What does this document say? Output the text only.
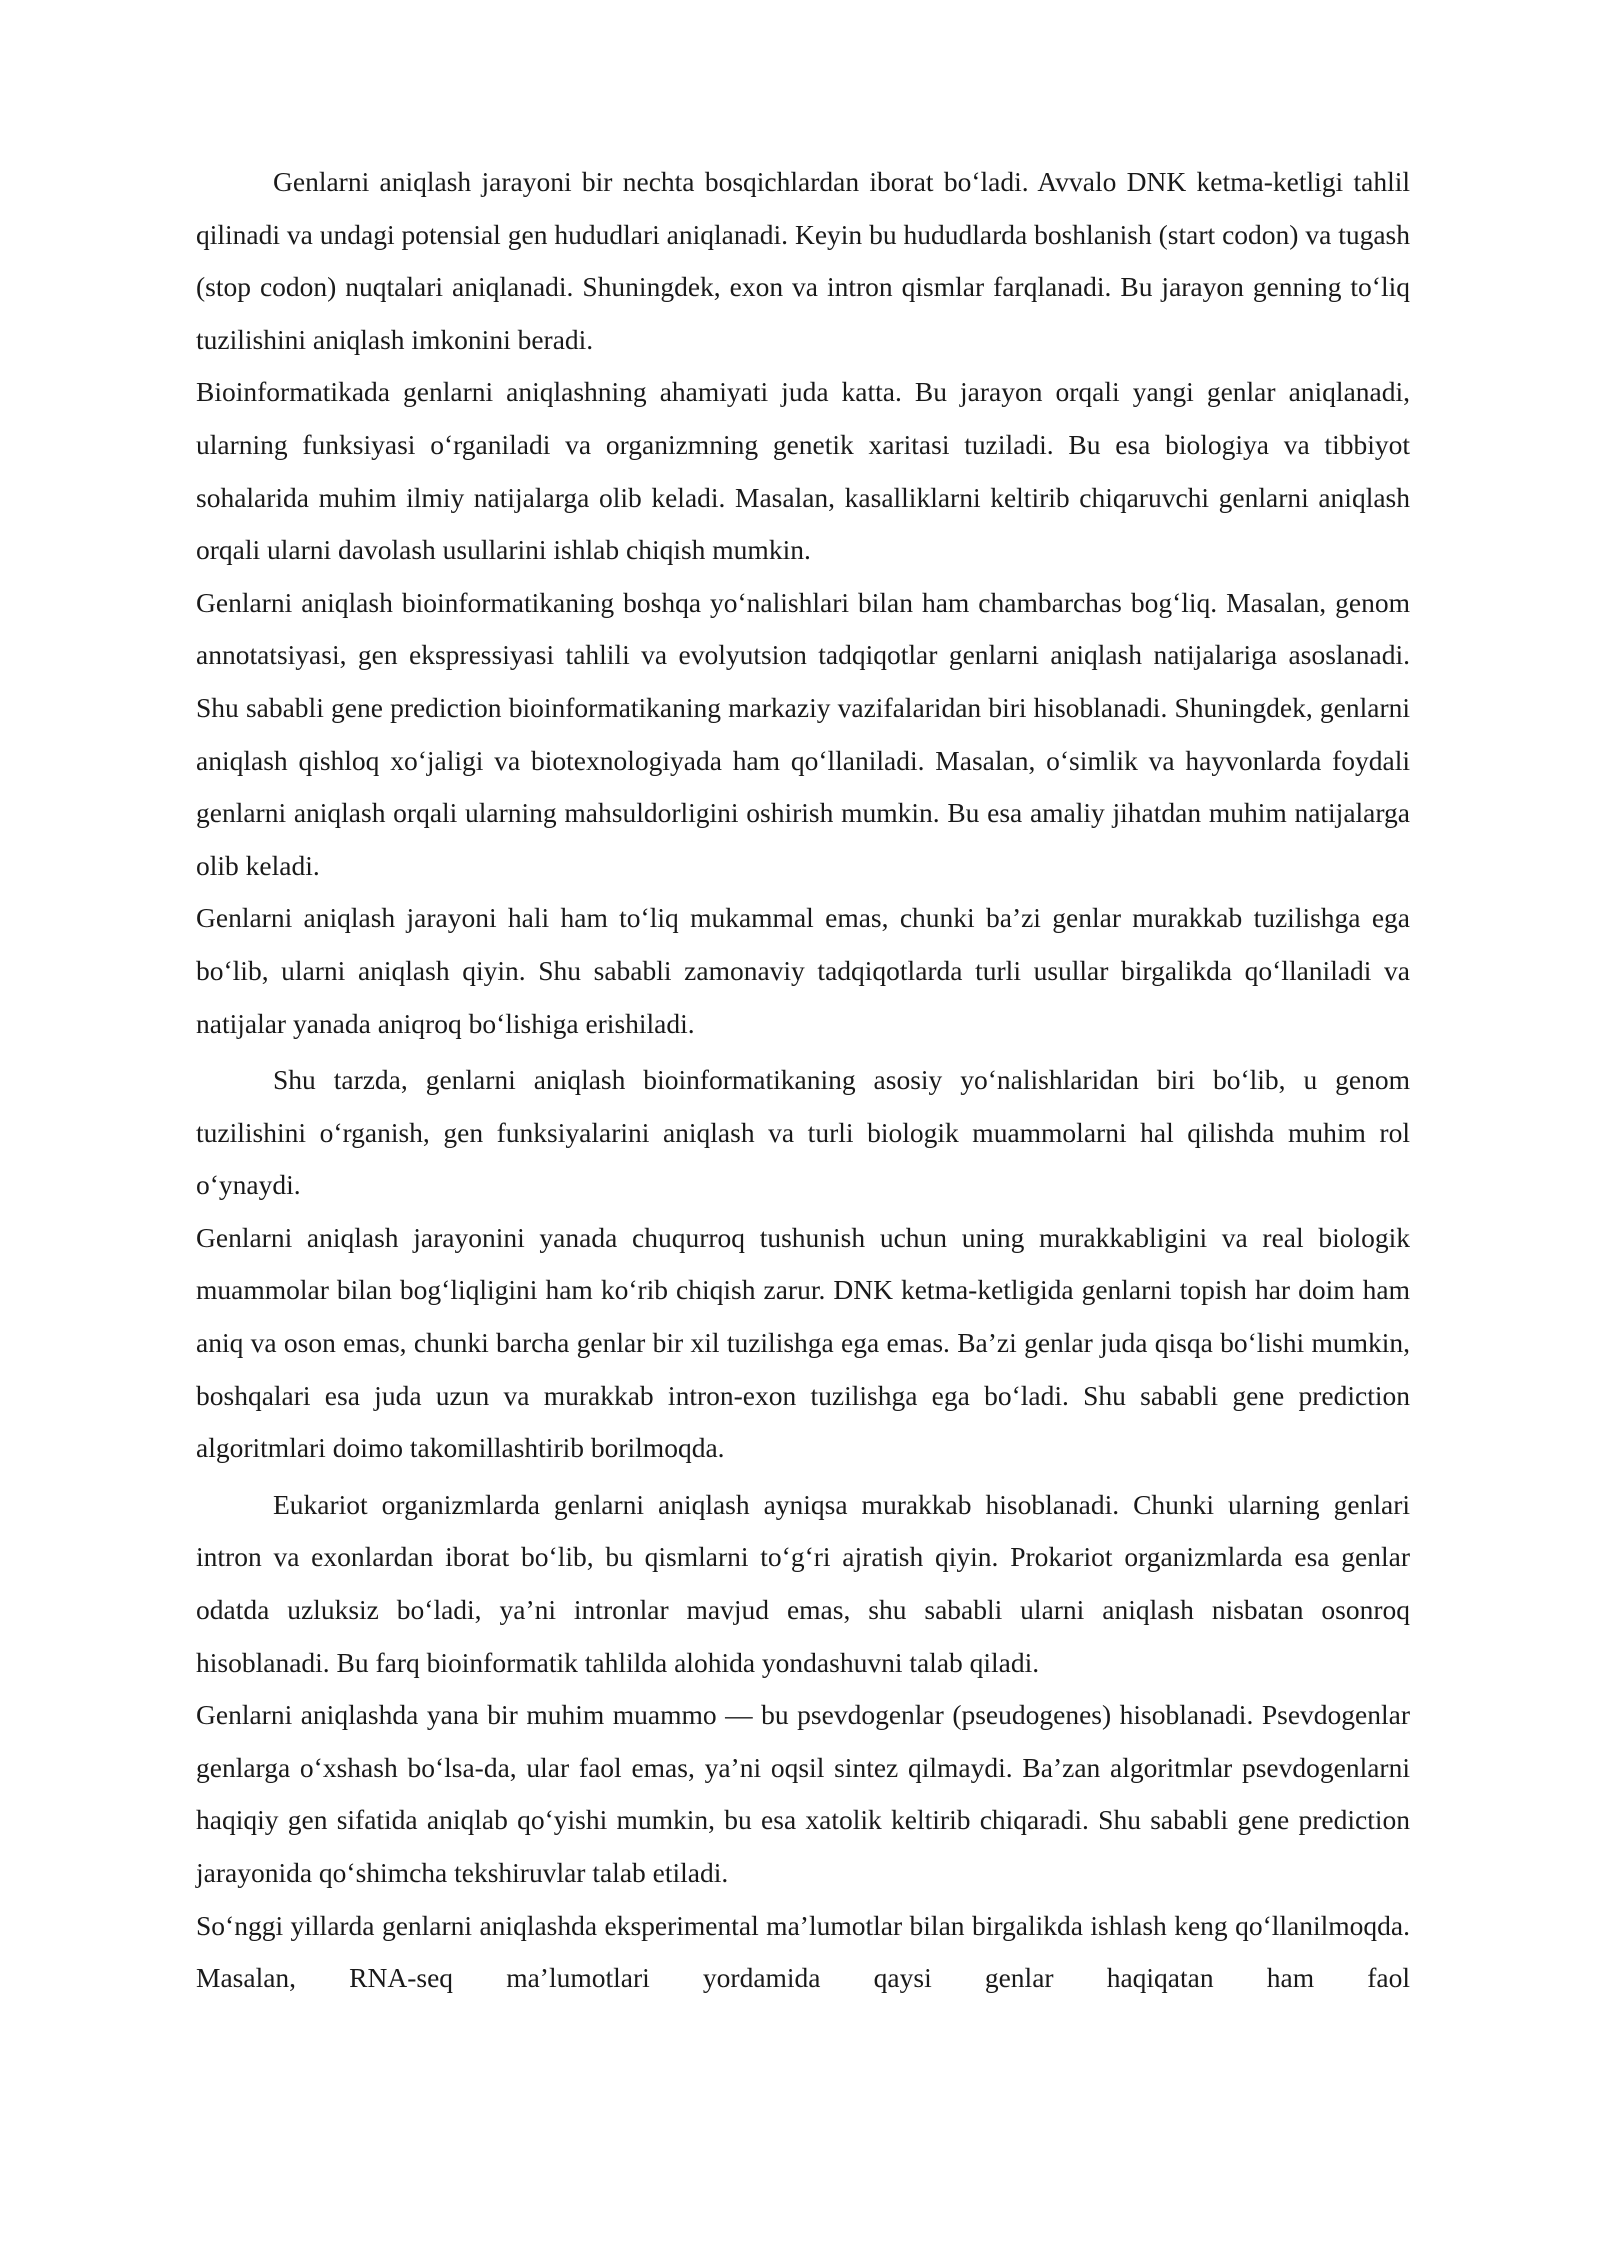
Genlarni aniqlash jarayoni bir nechta bosqichlardan iborat bo‘ladi. Avvalo DNK ketma-ketligi tahlil qilinadi va undagi potensial gen hududlari aniqlanadi. Keyin bu hududlarda boshlanish (start codon) va tugash (stop codon) nuqtalari aniqlanadi. Shuningdek, exon va intron qismlar farqlanadi. Bu jarayon genning to‘liq tuzilishini aniqlash imkonini beradi.

Bioinformatikada genlarni aniqlashning ahamiyati juda katta. Bu jarayon orqali yangi genlar aniqlanadi, ularning funksiyasi o‘rganiladi va organizmning genetik xaritasi tuziladi. Bu esa biologiya va tibbiyot sohalarida muhim ilmiy natijalarga olib keladi. Masalan, kasalliklarni keltirib chiqaruvchi genlarni aniqlash orqali ularni davolash usullarini ishlab chiqish mumkin.

Genlarni aniqlash bioinformatikaning boshqa yo‘nalishlari bilan ham chambarchas bog‘liq. Masalan, genom annotatsiyasi, gen ekspressiyasi tahlili va evolyutsion tadqiqotlar genlarni aniqlash natijalariga asoslanadi. Shu sababli gene prediction bioinformatikaning markaziy vazifalaridan biri hisoblanadi. Shuningdek, genlarni aniqlash qishloq xo‘jaligi va biotexnologiyada ham qo‘llaniladi. Masalan, o‘simlik va hayvonlarda foydali genlarni aniqlash orqali ularning mahsuldorligini oshirish mumkin. Bu esa amaliy jihatdan muhim natijalarga olib keladi.

Genlarni aniqlash jarayoni hali ham to‘liq mukammal emas, chunki ba’zi genlar murakkab tuzilishga ega bo‘lib, ularni aniqlash qiyin. Shu sababli zamonaviy tadqiqotlarda turli usullar birgalikda qo‘llaniladi va natijalar yanada aniqroq bo‘lishiga erishiladi.

Shu tarzda, genlarni aniqlash bioinformatikaning asosiy yo‘nalishlaridan biri bo‘lib, u genom tuzilishini o‘rganish, gen funksiyalarini aniqlash va turli biologik muammolarni hal qilishda muhim rol o‘ynaydi.

Genlarni aniqlash jarayonini yanada chuqurroq tushunish uchun uning murakkabligini va real biologik muammolar bilan bog‘liqligini ham ko‘rib chiqish zarur. DNK ketma-ketligida genlarni topish har doim ham aniq va oson emas, chunki barcha genlar bir xil tuzilishga ega emas. Ba’zi genlar juda qisqa bo‘lishi mumkin, boshqalari esa juda uzun va murakkab intron-exon tuzilishga ega bo‘ladi. Shu sababli gene prediction algoritmlari doimo takomillashtirib borilmoqda.

Eukariot organizmlarda genlarni aniqlash ayniqsa murakkab hisoblanadi. Chunki ularning genlari intron va exonlardan iborat bo‘lib, bu qismlarni to‘g‘ri ajratish qiyin. Prokariot organizmlarda esa genlar odatda uzluksiz bo‘ladi, ya’ni intronlar mavjud emas, shu sababli ularni aniqlash nisbatan osonroq hisoblanadi. Bu farq bioinformatik tahlilda alohida yondashuvni talab qiladi.

Genlarni aniqlashda yana bir muhim muammo — bu psevdogenlar (pseudogenes) hisoblanadi. Psevdogenlar genlarga o‘xshash bo‘lsa-da, ular faol emas, ya’ni oqsil sintez qilmaydi. Ba’zan algoritmlar psevdogenlarni haqiqiy gen sifatida aniqlab qo‘yishi mumkin, bu esa xatolik keltirib chiqaradi. Shu sababli gene prediction jarayonida qo‘shimcha tekshiruvlar talab etiladi.

So‘nggi yillarda genlarni aniqlashda eksperimental ma’lumotlar bilan birgalikda ishlash keng qo‘llanilmoqda. Masalan, RNA-seq ma’lumotlari yordamida qaysi genlar haqiqatan ham faol
